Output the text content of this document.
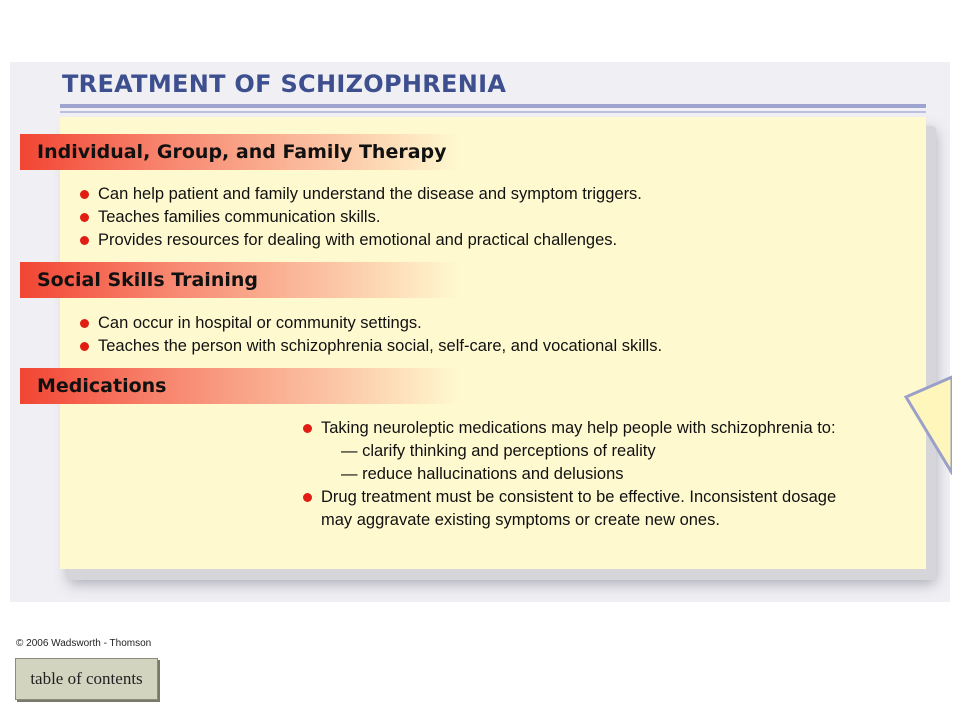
TREATMENT OF SCHIZOPHRENIA
Individual, Group, and Family Therapy
Can help patient and family understand the disease and symptom triggers.
Teaches families communication skills.
Provides resources for dealing with emotional and practical challenges.
Social Skills Training
Can occur in hospital or community settings.
Teaches the person with schizophrenia social, self-care, and vocational skills.
Medications
Taking neuroleptic medications may help people with schizophrenia to:
— clarify thinking and perceptions of reality
— reduce hallucinations and delusions
Drug treatment must be consistent to be effective. Inconsistent dosage
may aggravate existing symptoms or create new ones.
© 2006 Wadsworth - Thomson
table of contents
